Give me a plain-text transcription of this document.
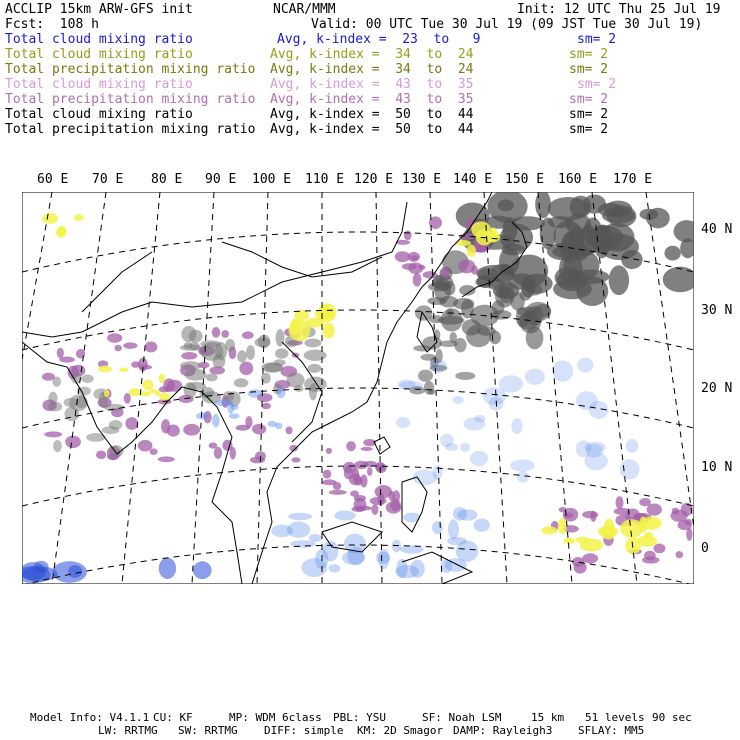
ACCLIP 15km ARW-GFS init

	NCAR/MMM

	Init: 12 UTC Thu 25 Jul 19

Fcst:  108 h

	Valid: 00 UTC Tue 30 Jul 19 (09 JST Tue 30 Jul 19)

Total cloud mixing ratio	Avg, k-index =  23  to   9	sm= 2
Total cloud mixing ratio	Avg, k-index =  34  to  24	sm= 2
Total precipitation mixing ratio Avg, k-index =  34  to  24	sm= 2
Total cloud mixing ratio	Avg, k-index =  43  to  35	sm= 2
Total precipitation mixing ratio Avg, k-index =  43  to  35	sm= 2
Total cloud mixing ratio	Avg, k-index =  50  to  44	sm= 2
Total precipitation mixing ratio Avg, k-index =  50  to  44	sm= 2
60 E 70 E 80 E 90 E 100 E 110 E 120 E 130 E 140 E 150 E 160 E 170 E
40 N
30 N
20 N
10 N
0
Model Info: V4.1.1 CU: KF	MP: WDM 6class PBL: YSU	SF: Noah LSM	15 km 51 levels 90 sec
LW: RRTMG SW: RRTMG DIFF: simple KM: 2D Smagor DAMP: Rayleigh3 SFLAY: MM5
